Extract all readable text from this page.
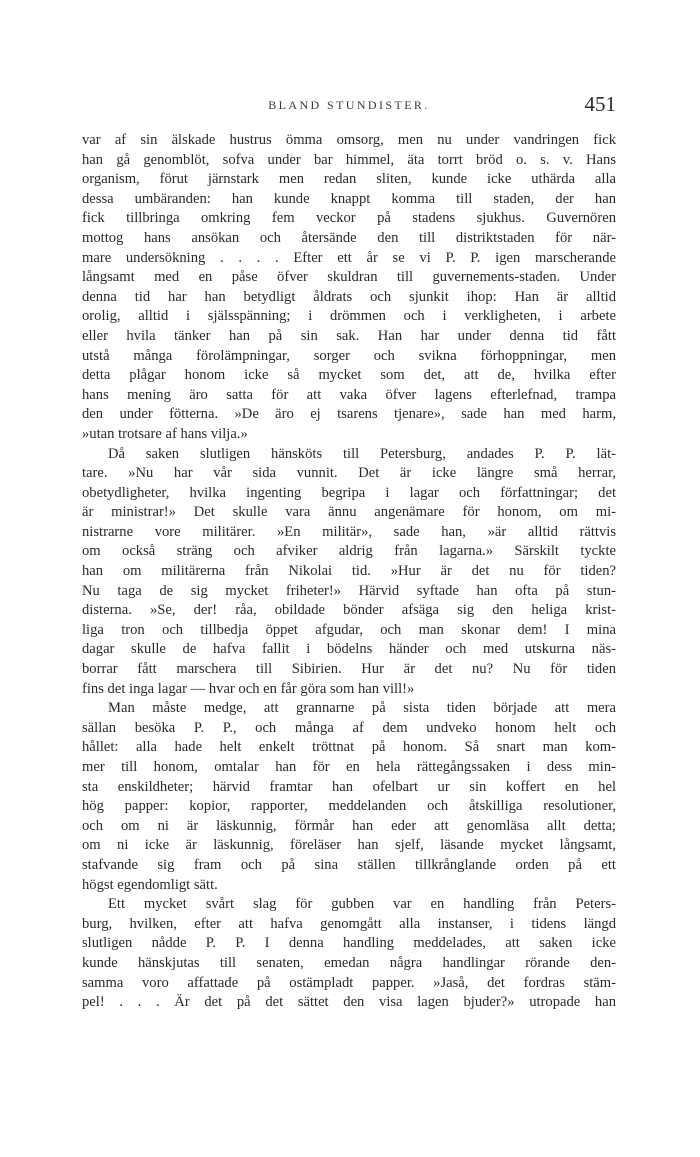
BLAND STUNDISTER.	451
var af sin älskade hustrus ömma omsorg, men nu under vandringen fick
han gå genomblöt, sofva under bar himmel, äta torrt bröd o. s. v. Hans
organism, förut järnstark men redan sliten, kunde icke uthärda alla
dessa umbäranden: han kunde knappt komma till staden, der han
fick tillbringa omkring fem veckor på stadens sjukhus. Guvernören
mottog hans ansökan och återsände den till distriktstaden för när-
mare undersökning . . . . Efter ett år se vi P. P. igen marscherande
långsamt med en påse öfver skuldran till guvernements-staden. Under
denna tid har han betydligt åldrats och sjunkit ihop: Han är alltid
orolig, alltid i själsspänning; i drömmen och i verkligheten, i arbete
eller hvila tänker han på sin sak. Han har under denna tid fått
utstå många förolämpningar, sorger och svikna förhoppningar, men
detta plågar honom icke så mycket som det, att de, hvilka efter
hans mening äro satta för att vaka öfver lagens efterlefnad, trampa
den under fötterna. »De äro ej tsarens tjenare», sade han med harm,
»utan trotsare af hans vilja.»
Då saken slutligen hänsköts till Petersburg, andades P. P. lät-
tare. »Nu har vår sida vunnit. Det är icke längre små herrar,
obetydligheter, hvilka ingenting begripa i lagar och författningar; det
är ministrar!» Det skulle vara ännu angenämare för honom, om mi-
nistrarne vore militärer. »En militär», sade han, »är alltid rättvis
om också sträng och afviker aldrig från lagarna.» Särskilt tyckte
han om militärerna från Nikolai tid. »Hur är det nu för tiden?
Nu taga de sig mycket friheter!» Härvid syftade han ofta på stun-
disterna. »Se, der! råa, obildade bönder afsäga sig den heliga krist-
liga tron och tillbedja öppet afgudar, och man skonar dem! I mina
dagar skulle de hafva fallit i bödelns händer och med utskurna näs-
borrar fått marschera till Sibirien. Hur är det nu? Nu för tiden
fins det inga lagar — hvar och en får göra som han vill!»
Man måste medge, att grannarne på sista tiden började att mera
sällan besöka P. P., och många af dem undveko honom helt och
hållet: alla hade helt enkelt tröttnat på honom. Så snart man kom-
mer till honom, omtalar han för en hela rättegångssaken i dess min-
sta enskildheter; härvid framtar han ofelbart ur sin koffert en hel
hög papper: kopior, rapporter, meddelanden och åtskilliga resolutioner,
och om ni är läskunnig, förmår han eder att genomläsa allt detta;
om ni icke är läskunnig, föreläser han sjelf, läsande mycket långsamt,
stafvande sig fram och på sina ställen tillkrånglande orden på ett
högst egendomligt sätt.
Ett mycket svårt slag för gubben var en handling från Peters-
burg, hvilken, efter att hafva genomgått alla instanser, i tidens längd
slutligen nådde P. P. I denna handling meddelades, att saken icke
kunde hänskjutas till senaten, emedan några handlingar rörande den-
samma voro affattade på ostämpladt papper. »Jaså, det fordras stäm-
pel! . . . Är det på det sättet den visa lagen bjuder?» utropade han
